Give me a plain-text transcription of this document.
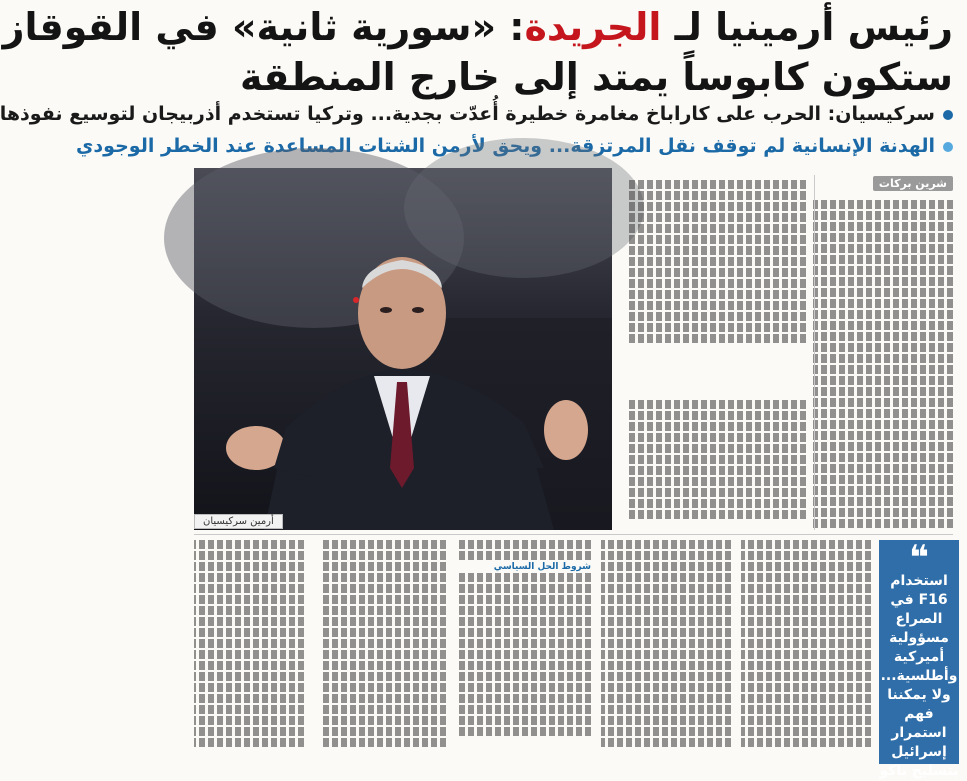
رئيس أرمينيا لـ الجريدة: «سورية ثانية» في القوقاز
ستكون كابوساً يمتد إلى خارج المنطقة
سركيسيان: الحرب على كاراباخ مغامرة خطيرة أُعدّت بجدية... وتركيا تستخدم أذربيجان لتوسيع نفوذها
الهدنة الإنسانية لم توقف نقل المرتزقة... ويحق لأرمن الشتات المساعدة عند الخطر الوجودي
أرمين سركيسيان
شرين بركات
❝
استخدام F16 في الصراع مسؤولية أميركية وأطلسية... ولا يمكننا فهم استمرار إسرائيل بتسليح باكو
شروط الحل السياسي
